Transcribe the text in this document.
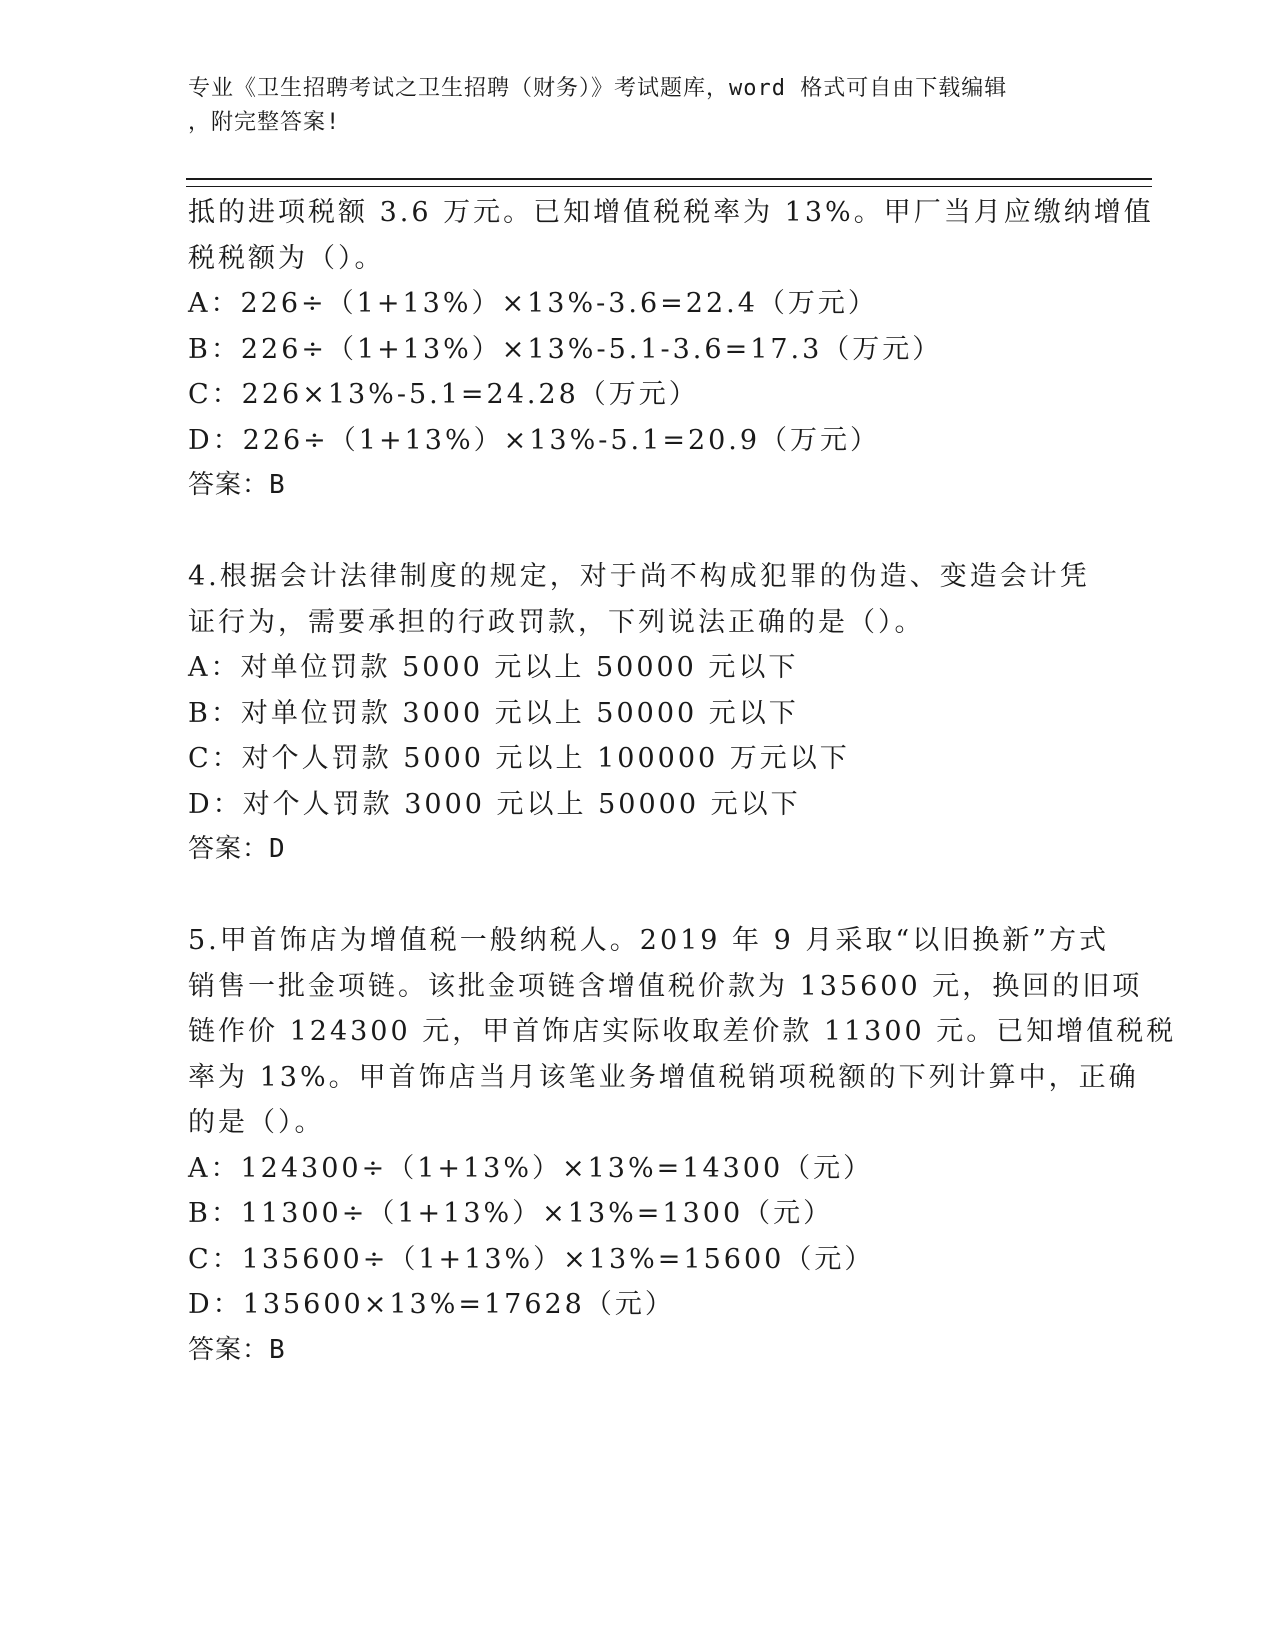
专业《卫生招聘考试之卫生招聘（财务）》考试题库，word 格式可自由下载编辑
，附完整答案!
抵的进项税额 3.6 万元。已知增值税税率为 13%。甲厂当月应缴纳增值
税税额为（）。
A：226÷（1+13%）×13%-3.6=22.4（万元）
B：226÷（1+13%）×13%-5.1-3.6=17.3（万元）
C：226×13%-5.1=24.28（万元）
D：226÷（1+13%）×13%-5.1=20.9（万元）
答案：B
4.根据会计法律制度的规定，对于尚不构成犯罪的伪造、变造会计凭
证行为，需要承担的行政罚款，下列说法正确的是（）。
A：对单位罚款 5000 元以上 50000 元以下
B：对单位罚款 3000 元以上 50000 元以下
C：对个人罚款 5000 元以上 100000 万元以下
D：对个人罚款 3000 元以上 50000 元以下
答案：D
5.甲首饰店为增值税一般纳税人。2019 年 9 月采取“以旧换新”方式
销售一批金项链。该批金项链含增值税价款为 135600 元，换回的旧项
链作价 124300 元，甲首饰店实际收取差价款 11300 元。已知增值税税
率为 13%。甲首饰店当月该笔业务增值税销项税额的下列计算中，正确
的是（）。
A：124300÷（1+13%）×13%=14300（元）
B：11300÷（1+13%）×13%=1300（元）
C：135600÷（1+13%）×13%=15600（元）
D：135600×13%=17628（元）
答案：B
